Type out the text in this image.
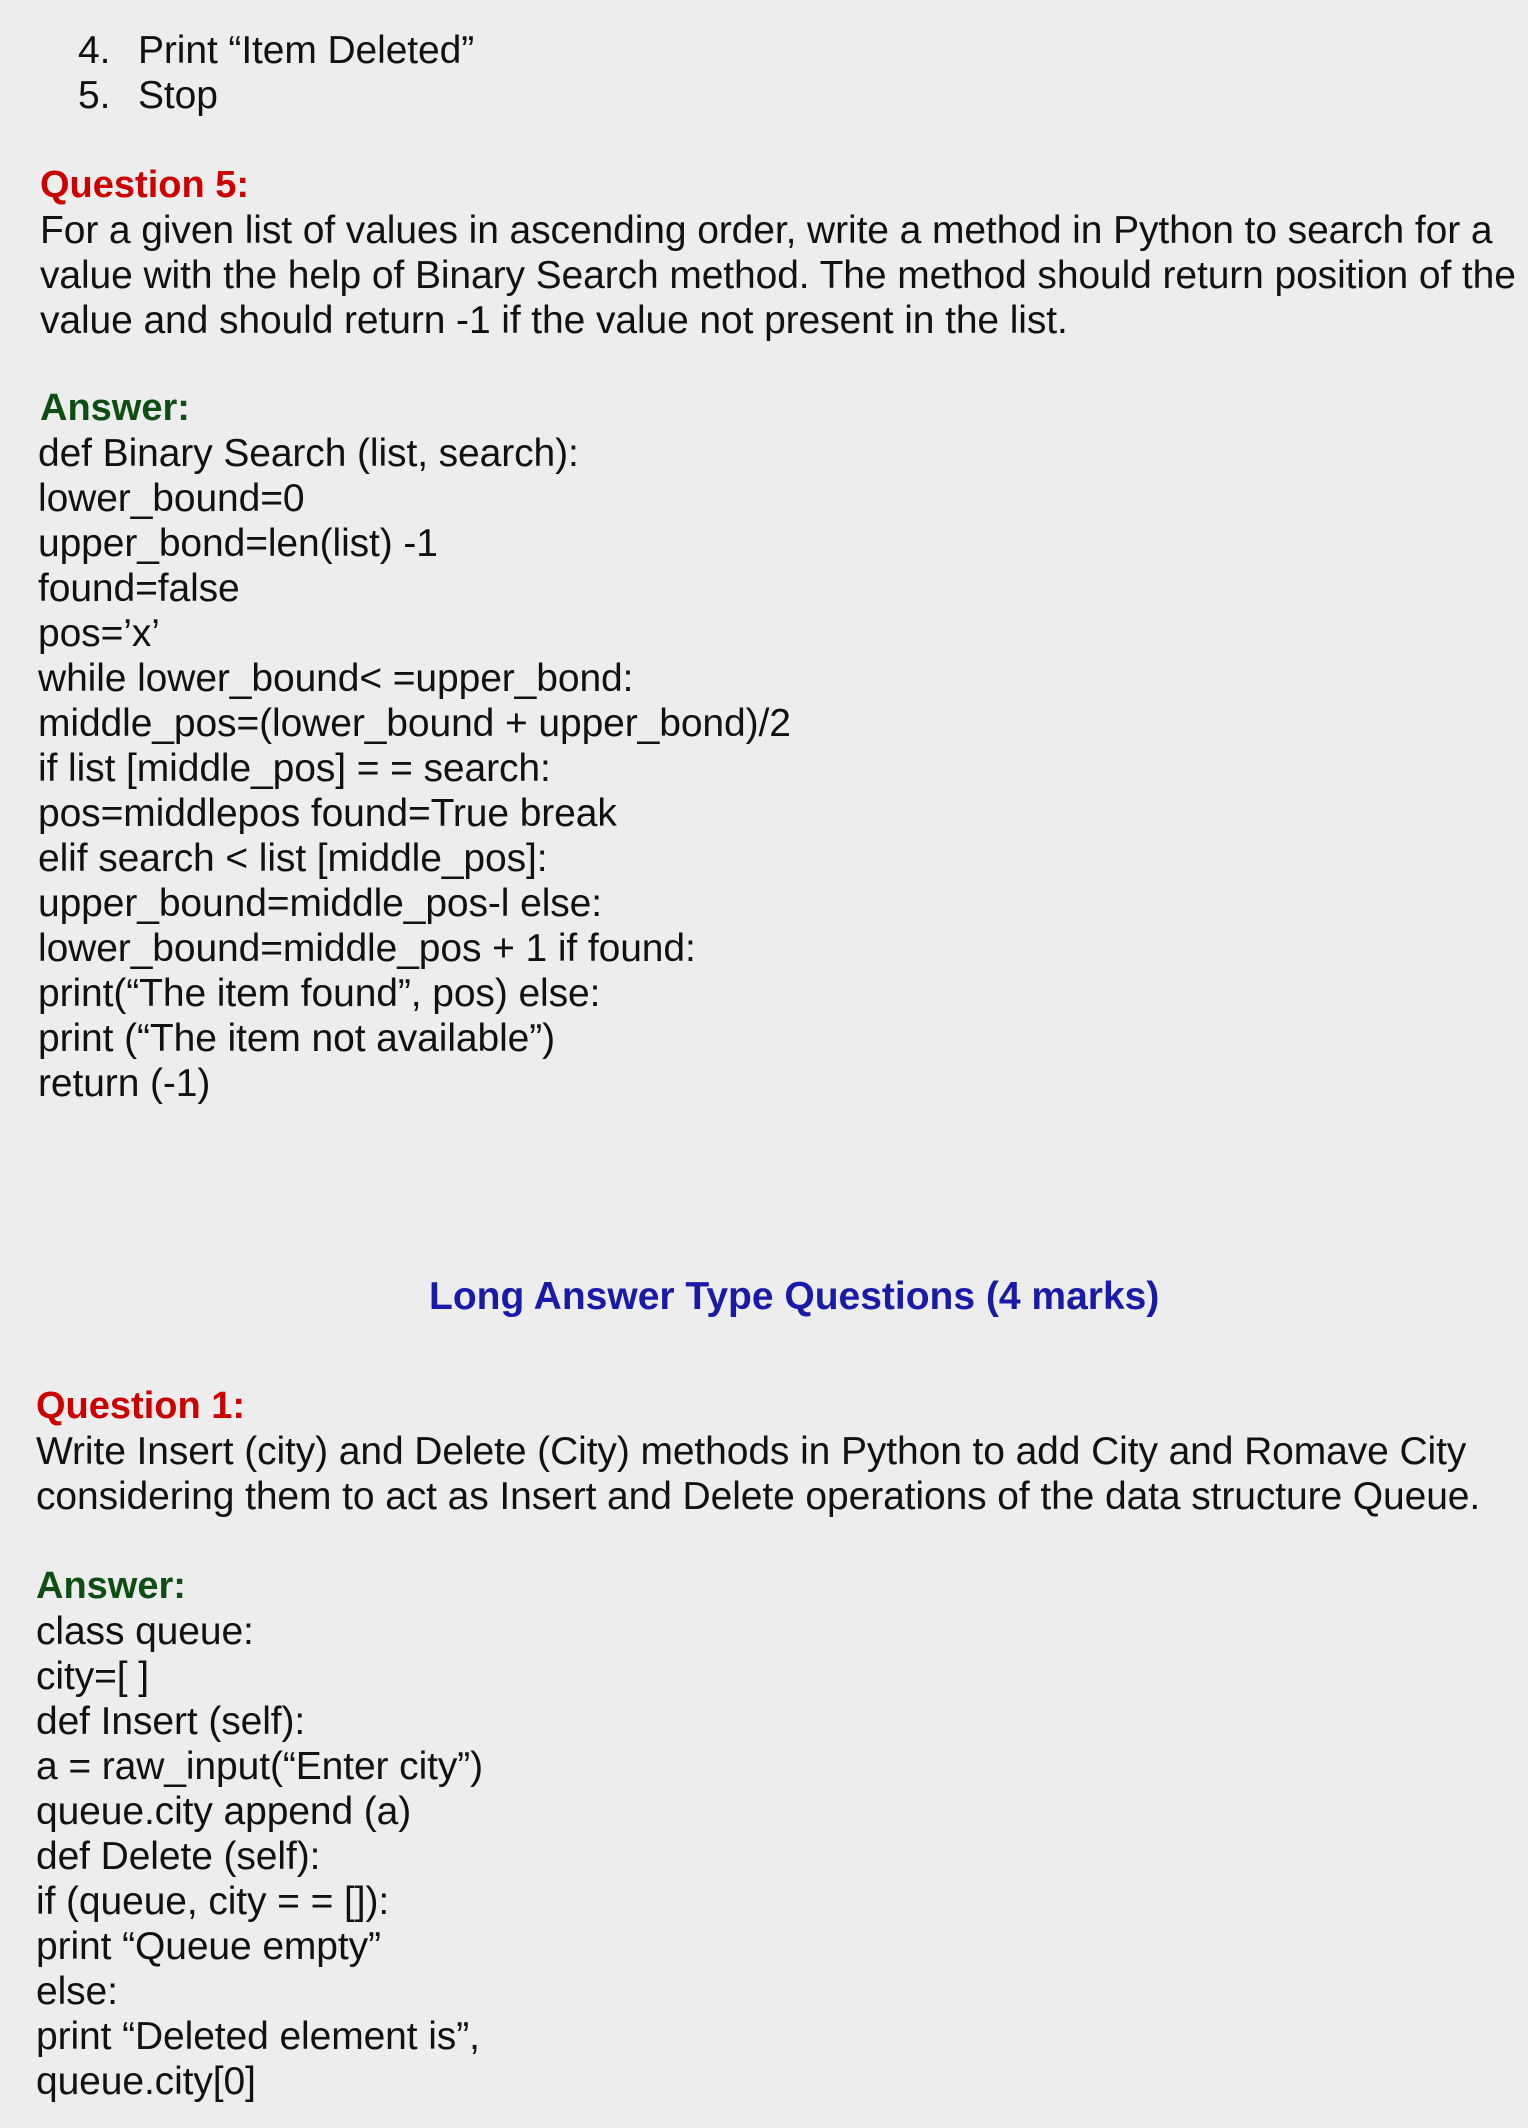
4. Print “Item Deleted”
5. Stop
Question 5:
For a given list of values in ascending order, write a method in Python to search for a
value with the help of Binary Search method. The method should return position of the
value and should return -1 if the value not present in the list.
Answer:
def Binary Search (list, search):
lower_bound=0
upper_bond=len(list) -1
found=false
pos=’x’
while lower_bound< =upper_bond:
middle_pos=(lower_bound + upper_bond)/2
if list [middle_pos] = = search:
pos=middlepos found=True break
elif search < list [middle_pos]:
upper_bound=middle_pos-l else:
lower_bound=middle_pos + 1 if found:
print(“The item found”, pos) else:
print (“The item not available”)
return (-1)
Long Answer Type Questions (4 marks)
Question 1:
Write Insert (city) and Delete (City) methods in Python to add City and Romave City
considering them to act as Insert and Delete operations of the data structure Queue.
Answer:
class queue:
city=[ ]
def Insert (self):
a = raw_input(“Enter city”)
queue.city append (a)
def Delete (self):
if (queue, city = = []):
print “Queue empty”
else:
print “Deleted element is”,
queue.city[0]
